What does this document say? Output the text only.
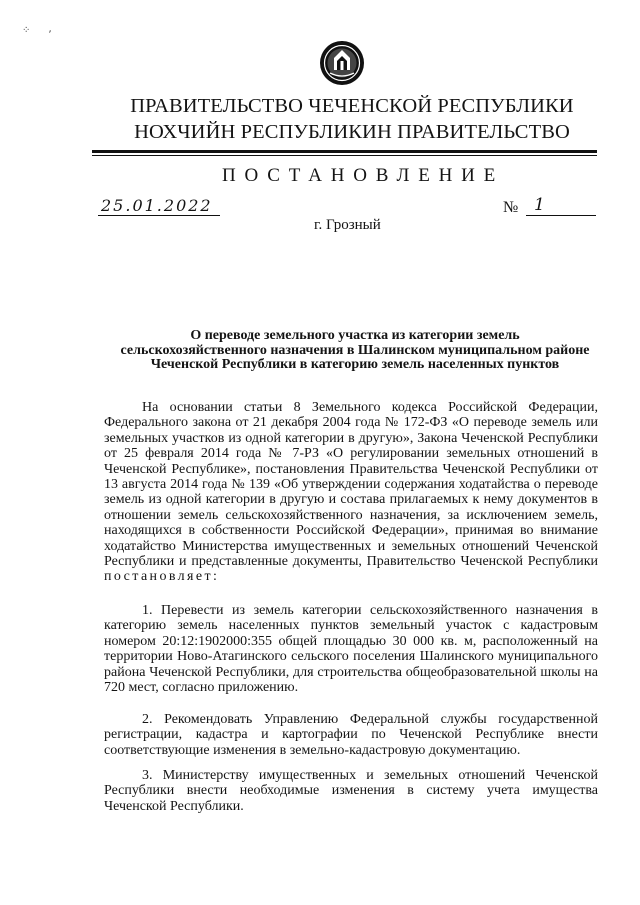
⁘ ⸴
ПРАВИТЕЛЬСТВО ЧЕЧЕНСКОЙ РЕСПУБЛИКИ
НОХЧИЙН РЕСПУБЛИКИН ПРАВИТЕЛЬСТВО
ПОСТАНОВЛЕНИЕ
25.01.2022	№ 1
г. Грозный
О переводе земельного участка из категории земель сельскохозяйственного назначения в Шалинском муниципальном районе Чеченской Республики в категорию земель населенных пунктов

На основании статьи 8 Земельного кодекса Российской Федерации, Федерального закона от 21 декабря 2004 года № 172-ФЗ «О переводе земель или земельных участков из одной категории в другую», Закона Чеченской Республики от 25 февраля 2014 года № 7-РЗ «О регулировании земельных отношений в Чеченской Республике», постановления Правительства Чеченской Республики от 13 августа 2014 года № 139 «Об утверждении содержания ходатайства о переводе земель из одной категории в другую и состава прилагаемых к нему документов в отношении земель сельскохозяйственного назначения, за исключением земель, находящихся в собственности Российской Федерации», принимая во внимание ходатайство Министерства имущественных и земельных отношений Чеченской Республики и представленные документы, Правительство Чеченской Республики постановляет:

1. Перевести из земель категории сельскохозяйственного назначения в категорию земель населенных пунктов земельный участок с кадастровым номером 20:12:1902000:355 общей площадью 30 000 кв. м, расположенный на территории Ново-Атагинского сельского поселения Шалинского муниципального района Чеченской Республики, для строительства общеобразовательной школы на 720 мест, согласно приложению.

2. Рекомендовать Управлению Федеральной службы государственной регистрации, кадастра и картографии по Чеченской Республике внести соответствующие изменения в земельно-кадастровую документацию.

3. Министерству имущественных и земельных отношений Чеченской Республики внести необходимые изменения в систему учета имущества Чеченской Республики.
